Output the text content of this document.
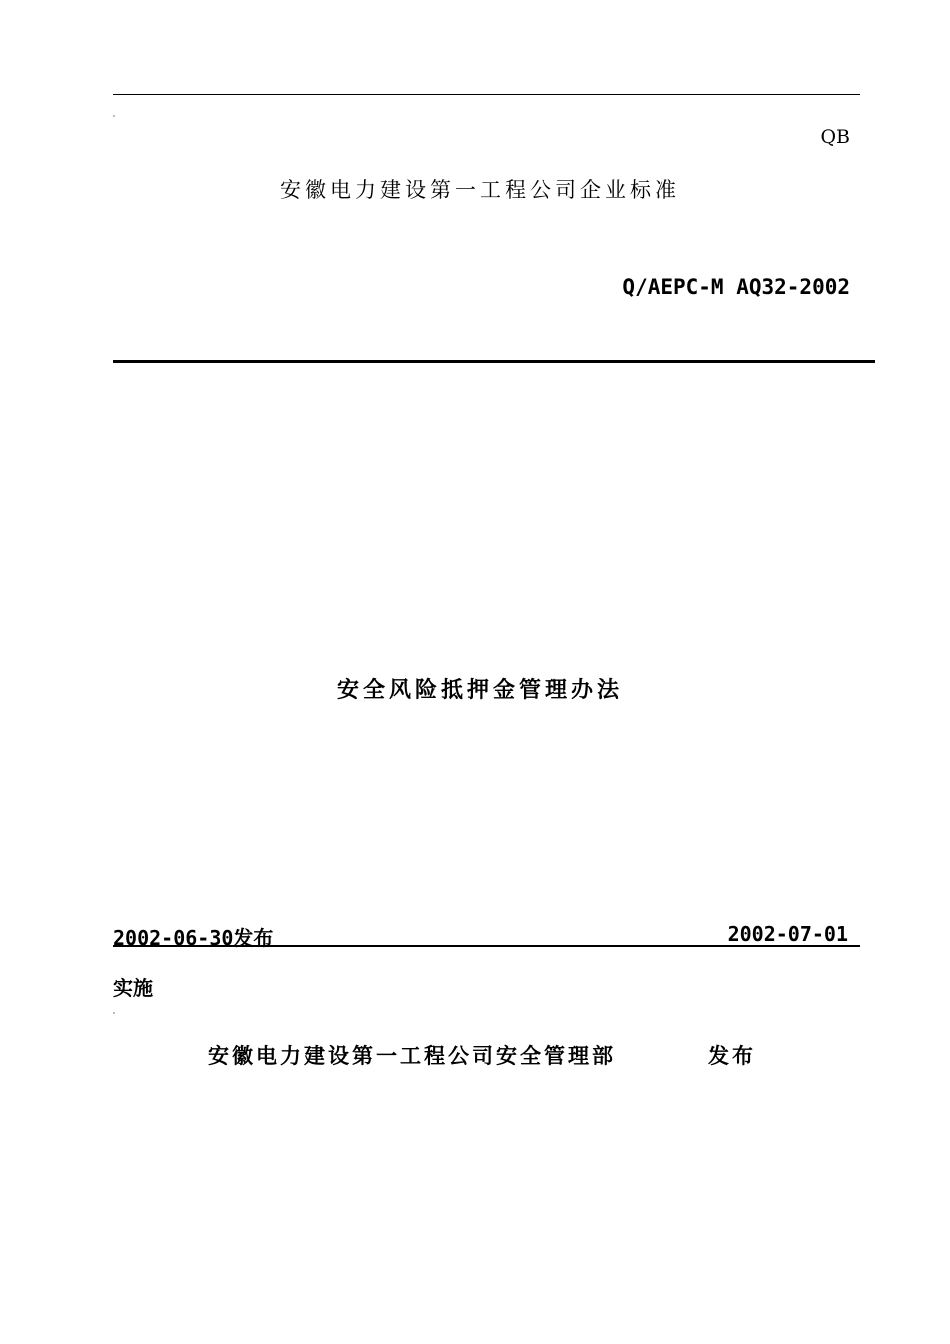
QB
安徽电力建设第一工程公司企业标准
Q/AEPC-M AQ32-2002
安全风险抵押金管理办法
2002-06-30发布	2002-07-01
实施
安徽电力建设第一工程公司安全管理部	发布
